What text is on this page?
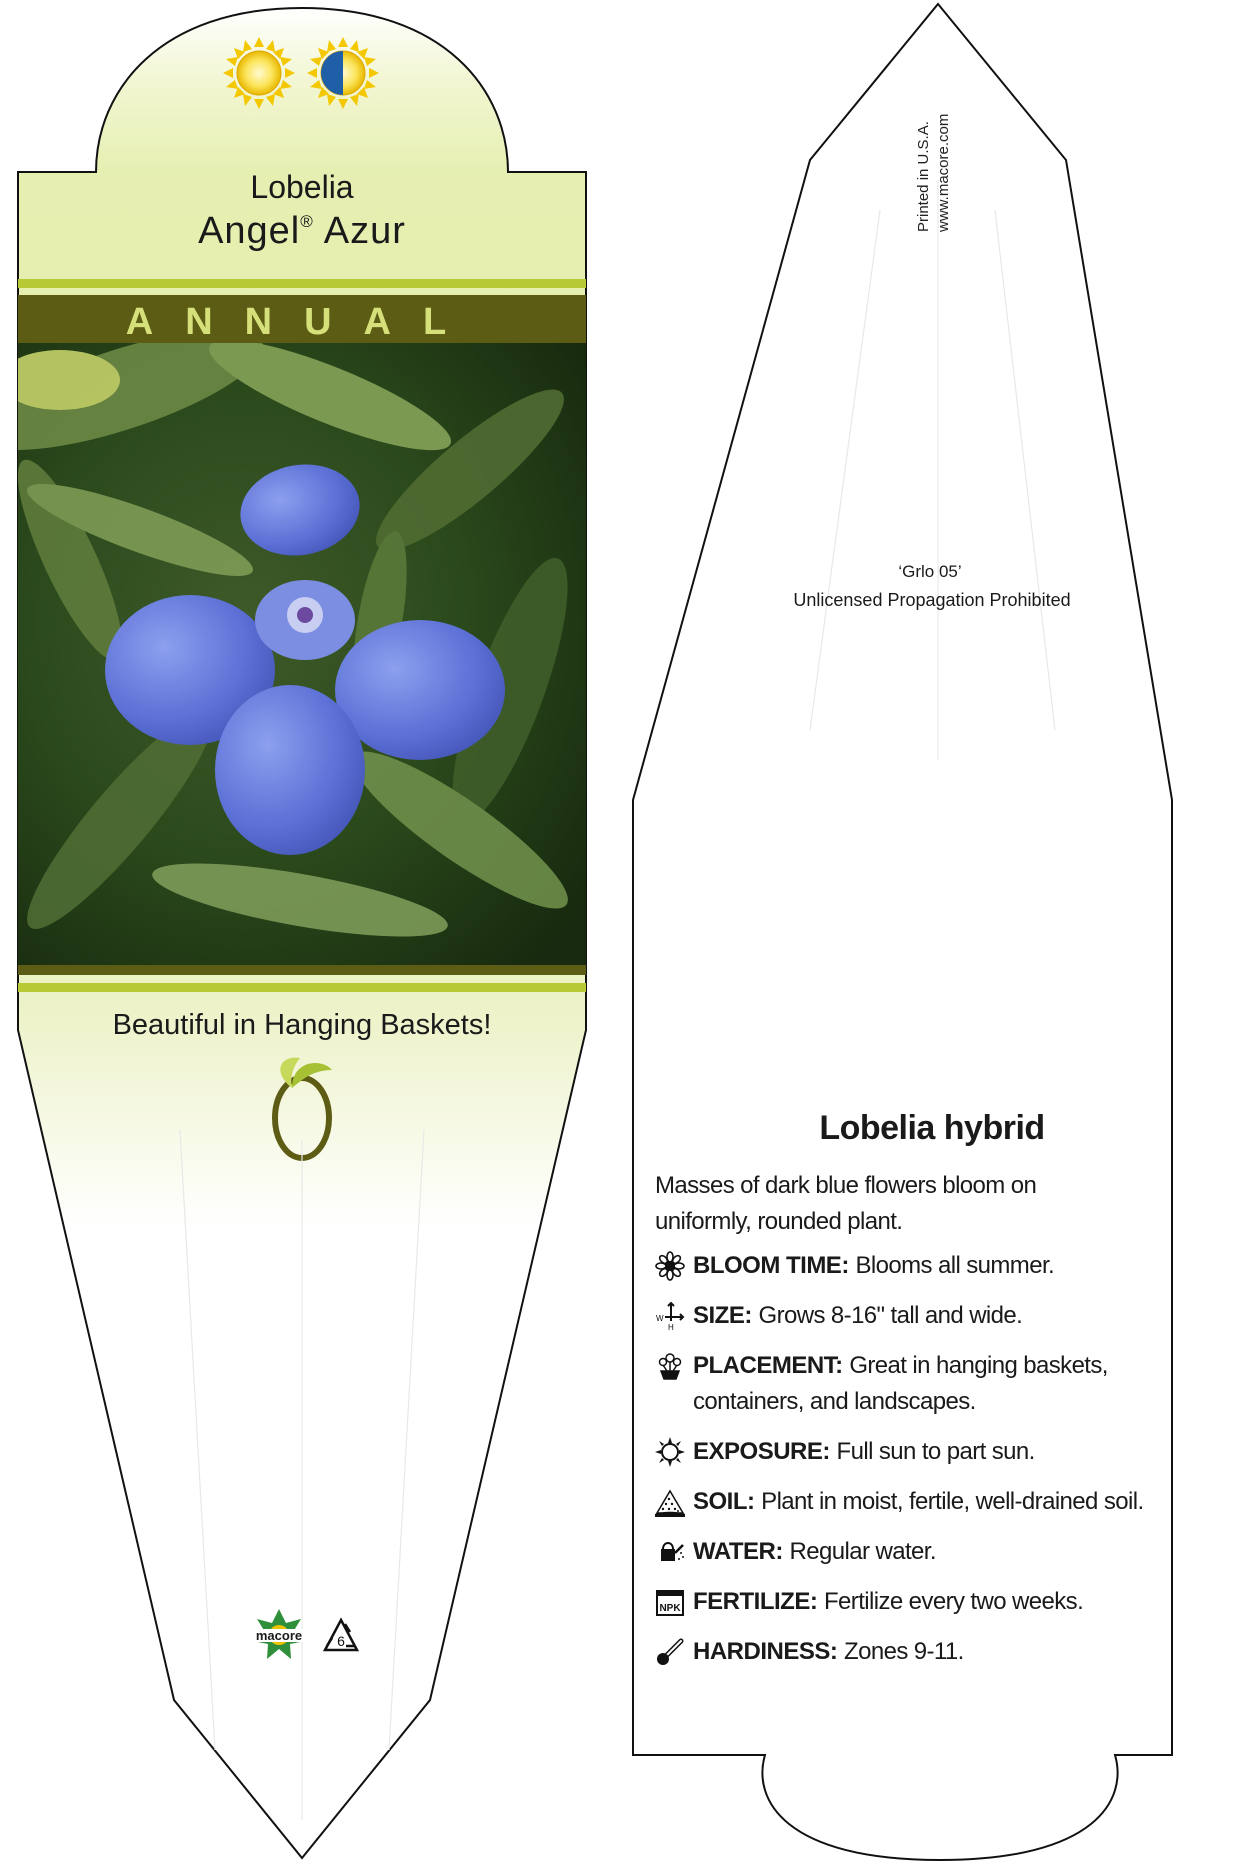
Lobelia
Angel® Azur
ANNUAL
Beautiful in Hanging Baskets!
macore 6
Printed in U.S.A. www.macore.com
‘Grlo 05’
Unlicensed Propagation Prohibited
Lobelia hybrid
Masses of dark blue flowers bloom on uniformly, rounded plant.
BLOOM TIME: Blooms all summer.
W
H SIZE: Grows 8-16" tall and wide.
PLACEMENT: Great in hanging baskets, containers, and landscapes.
EXPOSURE: Full sun to part sun.
SOIL: Plant in moist, fertile, well-drained soil.
WATER: Regular water.
NPK FERTILIZE: Fertilize every two weeks.
HARDINESS: Zones 9-11.
